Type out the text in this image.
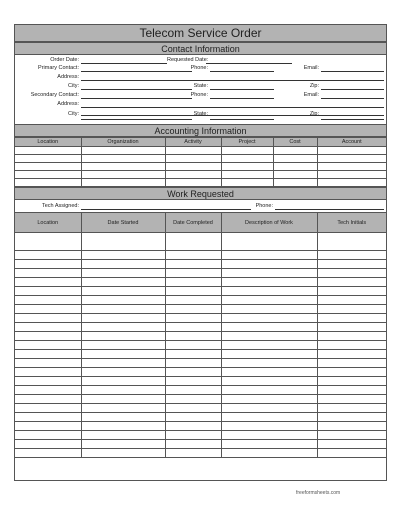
Telecom Service Order
Contact Information
Order Date:	Requested Date:
Primary Contact:	Phone:	Email:
Address:
City:	State:	Zip:
Secondary Contact:	Phone:	Email:
Address:
City:	State:	Zip:
Accounting Information
Location	Organization	Activity	Project	Cost	Account

Work Requested
Tech Assigned:	Phone:
Location	Date Started	Date Completed	Description of Work	Tech Initials

freeformsheets.com
